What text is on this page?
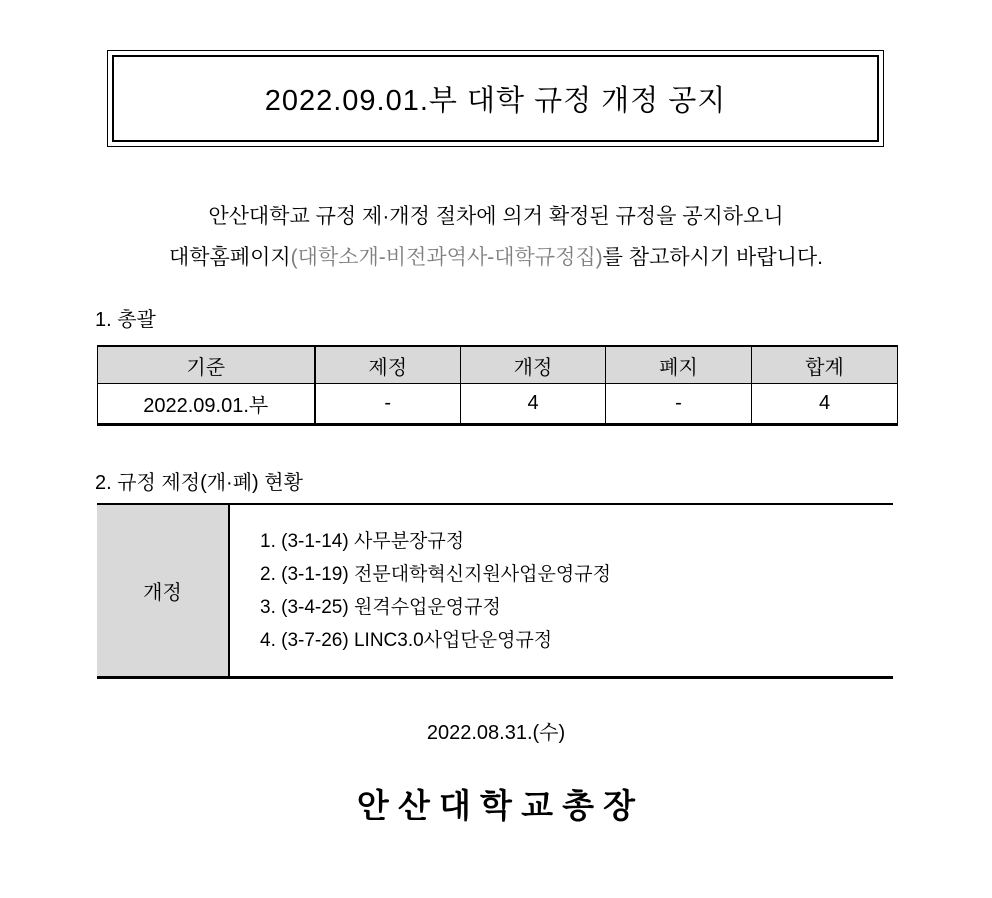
2022.09.01.부 대학 규정 개정 공지
안산대학교 규정 제·개정 절차에 의거 확정된 규정을 공지하오니
대학홈페이지(대학소개-비전과역사-대학규정집)를 참고하시기 바랍니다.

1. 총괄
기준	제정	개정	폐지	합계
2022.09.01.부	-	4	-	4
2. 규정 제정(개·폐) 현황
개정	
1. (3-1-14) 사무분장규정
2. (3-1-19) 전문대학혁신지원사업운영규정
3. (3-4-25) 원격수업운영규정
4. (3-7-26) LINC3.0사업단운영규정
2022.08.31.(수)
안 산 대 학 교 총 장
